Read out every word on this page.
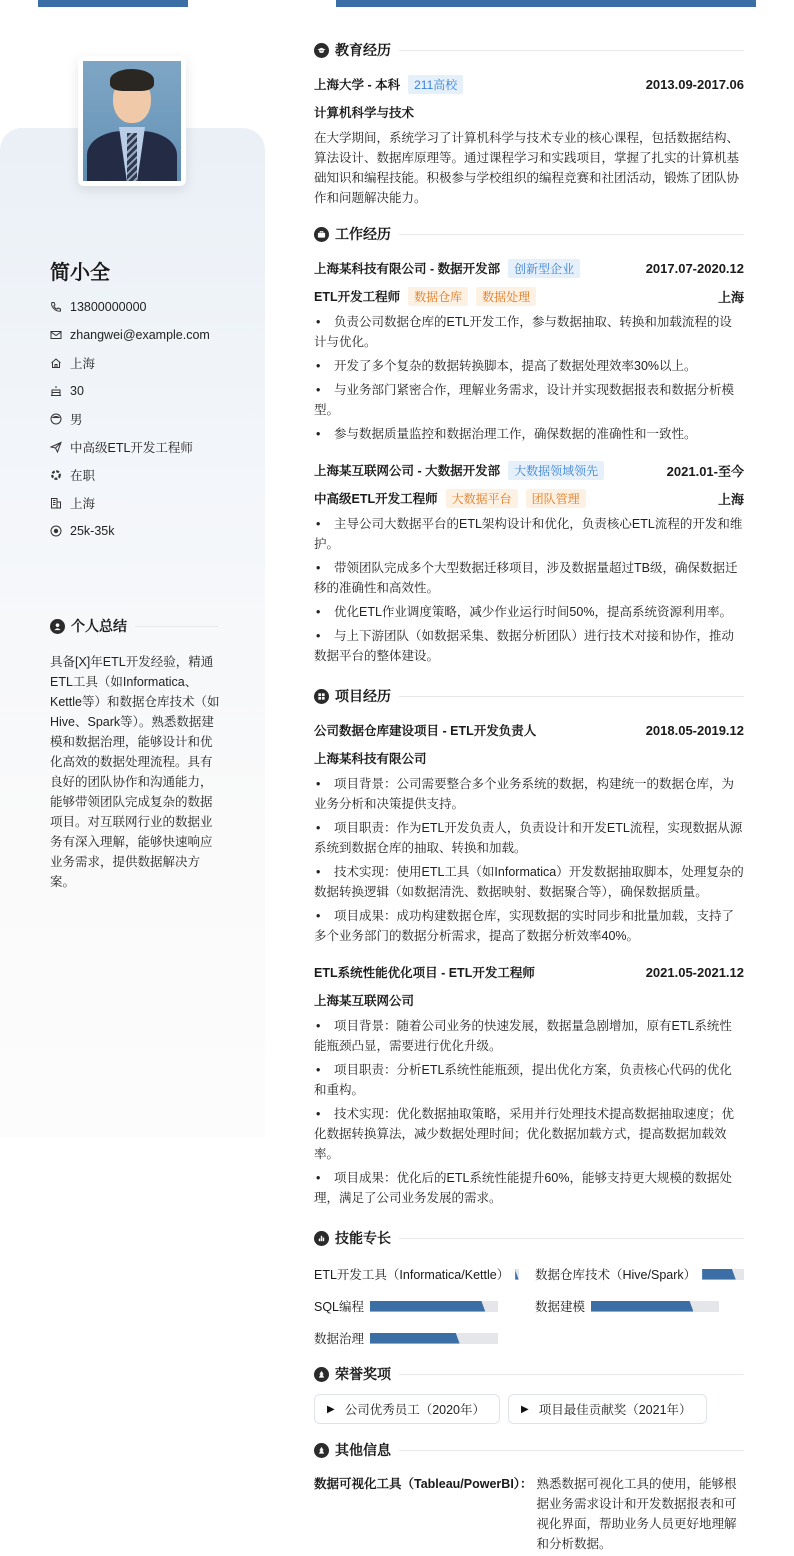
简小全
13800000000
zhangwei@example.com
上海
30
男
中高级ETL开发工程师
在职
上海
25k-35k
个人总结
具备[X]年ETL开发经验，精通ETL工具（如Informatica、Kettle等）和数据仓库技术（如Hive、Spark等）。熟悉数据建模和数据治理，能够设计和优化高效的数据处理流程。具有良好的团队协作和沟通能力，能够带领团队完成复杂的数据项目。对互联网行业的数据业务有深入理解，能够快速响应业务需求，提供数据解决方案。
教育经历
上海大学 - 本科	211高校	2013.09-2017.06
计算机科学与技术
在大学期间，系统学习了计算机科学与技术专业的核心课程，包括数据结构、算法设计、数据库原理等。通过课程学习和实践项目，掌握了扎实的计算机基础知识和编程技能。积极参与学校组织的编程竞赛和社团活动，锻炼了团队协作和问题解决能力。
工作经历
上海某科技有限公司 - 数据开发部	创新型企业	2017.07-2020.12
ETL开发工程师	数据仓库	数据处理	上海
• 负责公司数据仓库的ETL开发工作，参与数据抽取、转换和加载流程的设计与优化。
• 开发了多个复杂的数据转换脚本，提高了数据处理效率30%以上。
• 与业务部门紧密合作，理解业务需求，设计并实现数据报表和数据分析模型。
• 参与数据质量监控和数据治理工作，确保数据的准确性和一致性。
上海某互联网公司 - 大数据开发部	大数据领域领先	2021.01-至今
中高级ETL开发工程师	大数据平台	团队管理	上海
• 主导公司大数据平台的ETL架构设计和优化，负责核心ETL流程的开发和维护。
• 带领团队完成多个大型数据迁移项目，涉及数据量超过TB级，确保数据迁移的准确性和高效性。
• 优化ETL作业调度策略，减少作业运行时间50%，提高系统资源利用率。
• 与上下游团队（如数据采集、数据分析团队）进行技术对接和协作，推动数据平台的整体建设。
项目经历
公司数据仓库建设项目 - ETL开发负责人	2018.05-2019.12
上海某科技有限公司
• 项目背景：公司需要整合多个业务系统的数据，构建统一的数据仓库，为业务分析和决策提供支持。
• 项目职责：作为ETL开发负责人，负责设计和开发ETL流程，实现数据从源系统到数据仓库的抽取、转换和加载。
• 技术实现：使用ETL工具（如Informatica）开发数据抽取脚本，处理复杂的数据转换逻辑（如数据清洗、数据映射、数据聚合等），确保数据质量。
• 项目成果：成功构建数据仓库，实现数据的实时同步和批量加载，支持了多个业务部门的数据分析需求，提高了数据分析效率40%。
ETL系统性能优化项目 - ETL开发工程师	2021.05-2021.12
上海某互联网公司
• 项目背景：随着公司业务的快速发展，数据量急剧增加，原有ETL系统性能瓶颈凸显，需要进行优化升级。
• 项目职责：分析ETL系统性能瓶颈，提出优化方案，负责核心代码的优化和重构。
• 技术实现：优化数据抽取策略，采用并行处理技术提高数据抽取速度；优化数据转换算法，减少数据处理时间；优化数据加载方式，提高数据加载效率。
• 项目成果：优化后的ETL系统性能提升60%，能够支持更大规模的数据处理，满足了公司业务发展的需求。
技能专长
ETL开发工具（Informatica/Kettle） 数据仓库技术（Hive/Spark）
SQL编程	数据建模
数据治理
荣誉奖项
▶ 公司优秀员工（2020年）	▶ 项目最佳贡献奖（2021年）
其他信息
数据可视化工具（Tableau/PowerBI）： 熟悉数据可视化工具的使用，能够根据业务需求设计和开发数据报表和可视化界面，帮助业务人员更好地理解和分析数据。
